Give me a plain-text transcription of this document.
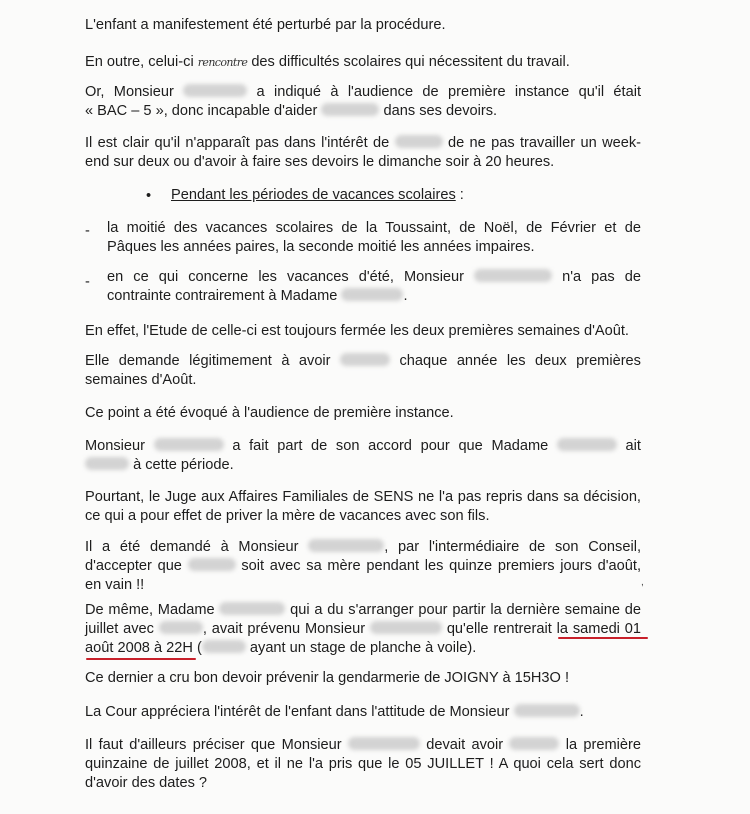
L'enfant a manifestement été perturbé par la procédure.

En outre, celui-ci rencontre des difficultés scolaires qui nécessitent du travail.

Or, Monsieur	a indiqué à l'audience de première instance qu'il était
« BAC – 5 », donc incapable d'aider	dans ses devoirs.

Il est clair qu'il n'apparaît pas dans l'intérêt de	de ne pas travailler un week-
end sur deux ou d'avoir à faire ses devoirs le dimanche soir à 20 heures.

• Pendant les périodes de vacances scolaires :

- la moitié des vacances scolaires de la Toussaint, de Noël, de Février et de
Pâques les années paires, la seconde moitié les années impaires.

- en ce qui concerne les vacances d'été, Monsieur	n'a pas de
contrainte contrairement à Madame	.

En effet, l'Etude de celle-ci est toujours fermée les deux premières semaines d'Août.

Elle demande légitimement à avoir	chaque année les deux premières
semaines d'Août.

Ce point a été évoqué à l'audience de première instance.

Monsieur	a fait part de son accord pour que Madame	ait
à cette période.

Pourtant, le Juge aux Affaires Familiales de SENS ne l'a pas repris dans sa décision,
ce qui a pour effet de priver la mère de vacances avec son fils.

Il a été demandé à Monsieur	, par l'intermédiaire de son Conseil,
d'accepter que	soit avec sa mère pendant les quinze premiers jours d'août,
en vain !!	,

De même, Madame	qui a du s'arranger pour partir la dernière semaine de
juillet avec	, avait prévenu Monsieur	qu'elle rentrerait la samedi 01
août 2008 à 22H (	ayant un stage de planche à voile).

Ce dernier a cru bon devoir prévenir la gendarmerie de JOIGNY à 15H3O !

La Cour appréciera l'intérêt de l'enfant dans l'attitude de Monsieur	.

Il faut d'ailleurs préciser que Monsieur	devait avoir	la première
quinzaine de juillet 2008, et il ne l'a pris que le 05 JUILLET ! A quoi cela sert donc
d'avoir des dates ?
